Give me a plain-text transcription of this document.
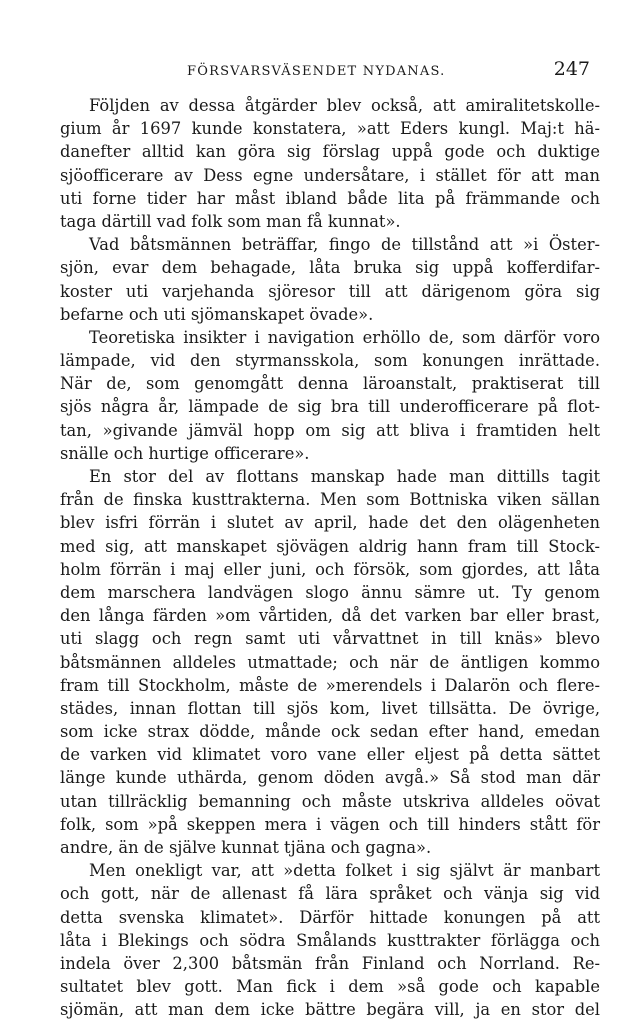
FÖRSVARSVÄSENDET NYDANAS.	247
Följden av dessa åtgärder blev också, att amiralitetskolle-
gium år 1697 kunde konstatera, »att Eders kungl. Maj:t hä-
danefter alltid kan göra sig förslag uppå gode och duktige
sjöofficerare av Dess egne undersåtare, i stället för att man
uti forne tider har måst ibland både lita på främmande och
taga därtill vad folk som man få kunnat».
Vad båtsmännen beträffar, fingo de tillstånd att »i Öster-
sjön, evar dem behagade, låta bruka sig uppå kofferdifar-
koster uti varjehanda sjöresor till att därigenom göra sig
befarne och uti sjömanskapet övade».
Teoretiska insikter i navigation erhöllo de, som därför voro
lämpade, vid den styrmansskola, som konungen inrättade.
När de, som genomgått denna läroanstalt, praktiserat till
sjös några år, lämpade de sig bra till underofficerare på flot-
tan, »givande jämväl hopp om sig att bliva i framtiden helt
snälle och hurtige officerare».
En stor del av flottans manskap hade man dittills tagit
från de finska kusttrakterna. Men som Bottniska viken sällan
blev isfri förrän i slutet av april, hade det den olägenheten
med sig, att manskapet sjövägen aldrig hann fram till Stock-
holm förrän i maj eller juni, och försök, som gjordes, att låta
dem marschera landvägen slogo ännu sämre ut. Ty genom
den långa färden »om vårtiden, då det varken bar eller brast,
uti slagg och regn samt uti vårvattnet in till knäs» blevo
båtsmännen alldeles utmattade; och när de äntligen kommo
fram till Stockholm, måste de »merendels i Dalarön och flere-
städes, innan flottan till sjös kom, livet tillsätta. De övrige,
som icke strax dödde, månde ock sedan efter hand, emedan
de varken vid klimatet voro vane eller eljest på detta sättet
länge kunde uthärda, genom döden avgå.» Så stod man där
utan tillräcklig bemanning och måste utskriva alldeles oövat
folk, som »på skeppen mera i vägen och till hinders stått för
andre, än de själve kunnat tjäna och gagna».
Men onekligt var, att »detta folket i sig självt är manbart
och gott, när de allenast få lära språket och vänja sig vid
detta svenska klimatet». Därför hittade konungen på att
låta i Blekings och södra Smålands kusttrakter förlägga och
indela över 2,300 båtsmän från Finland och Norrland. Re-
sultatet blev gott. Man fick i dem »så gode och kapable
sjömän, att man dem icke bättre begära vill, ja en stor del
